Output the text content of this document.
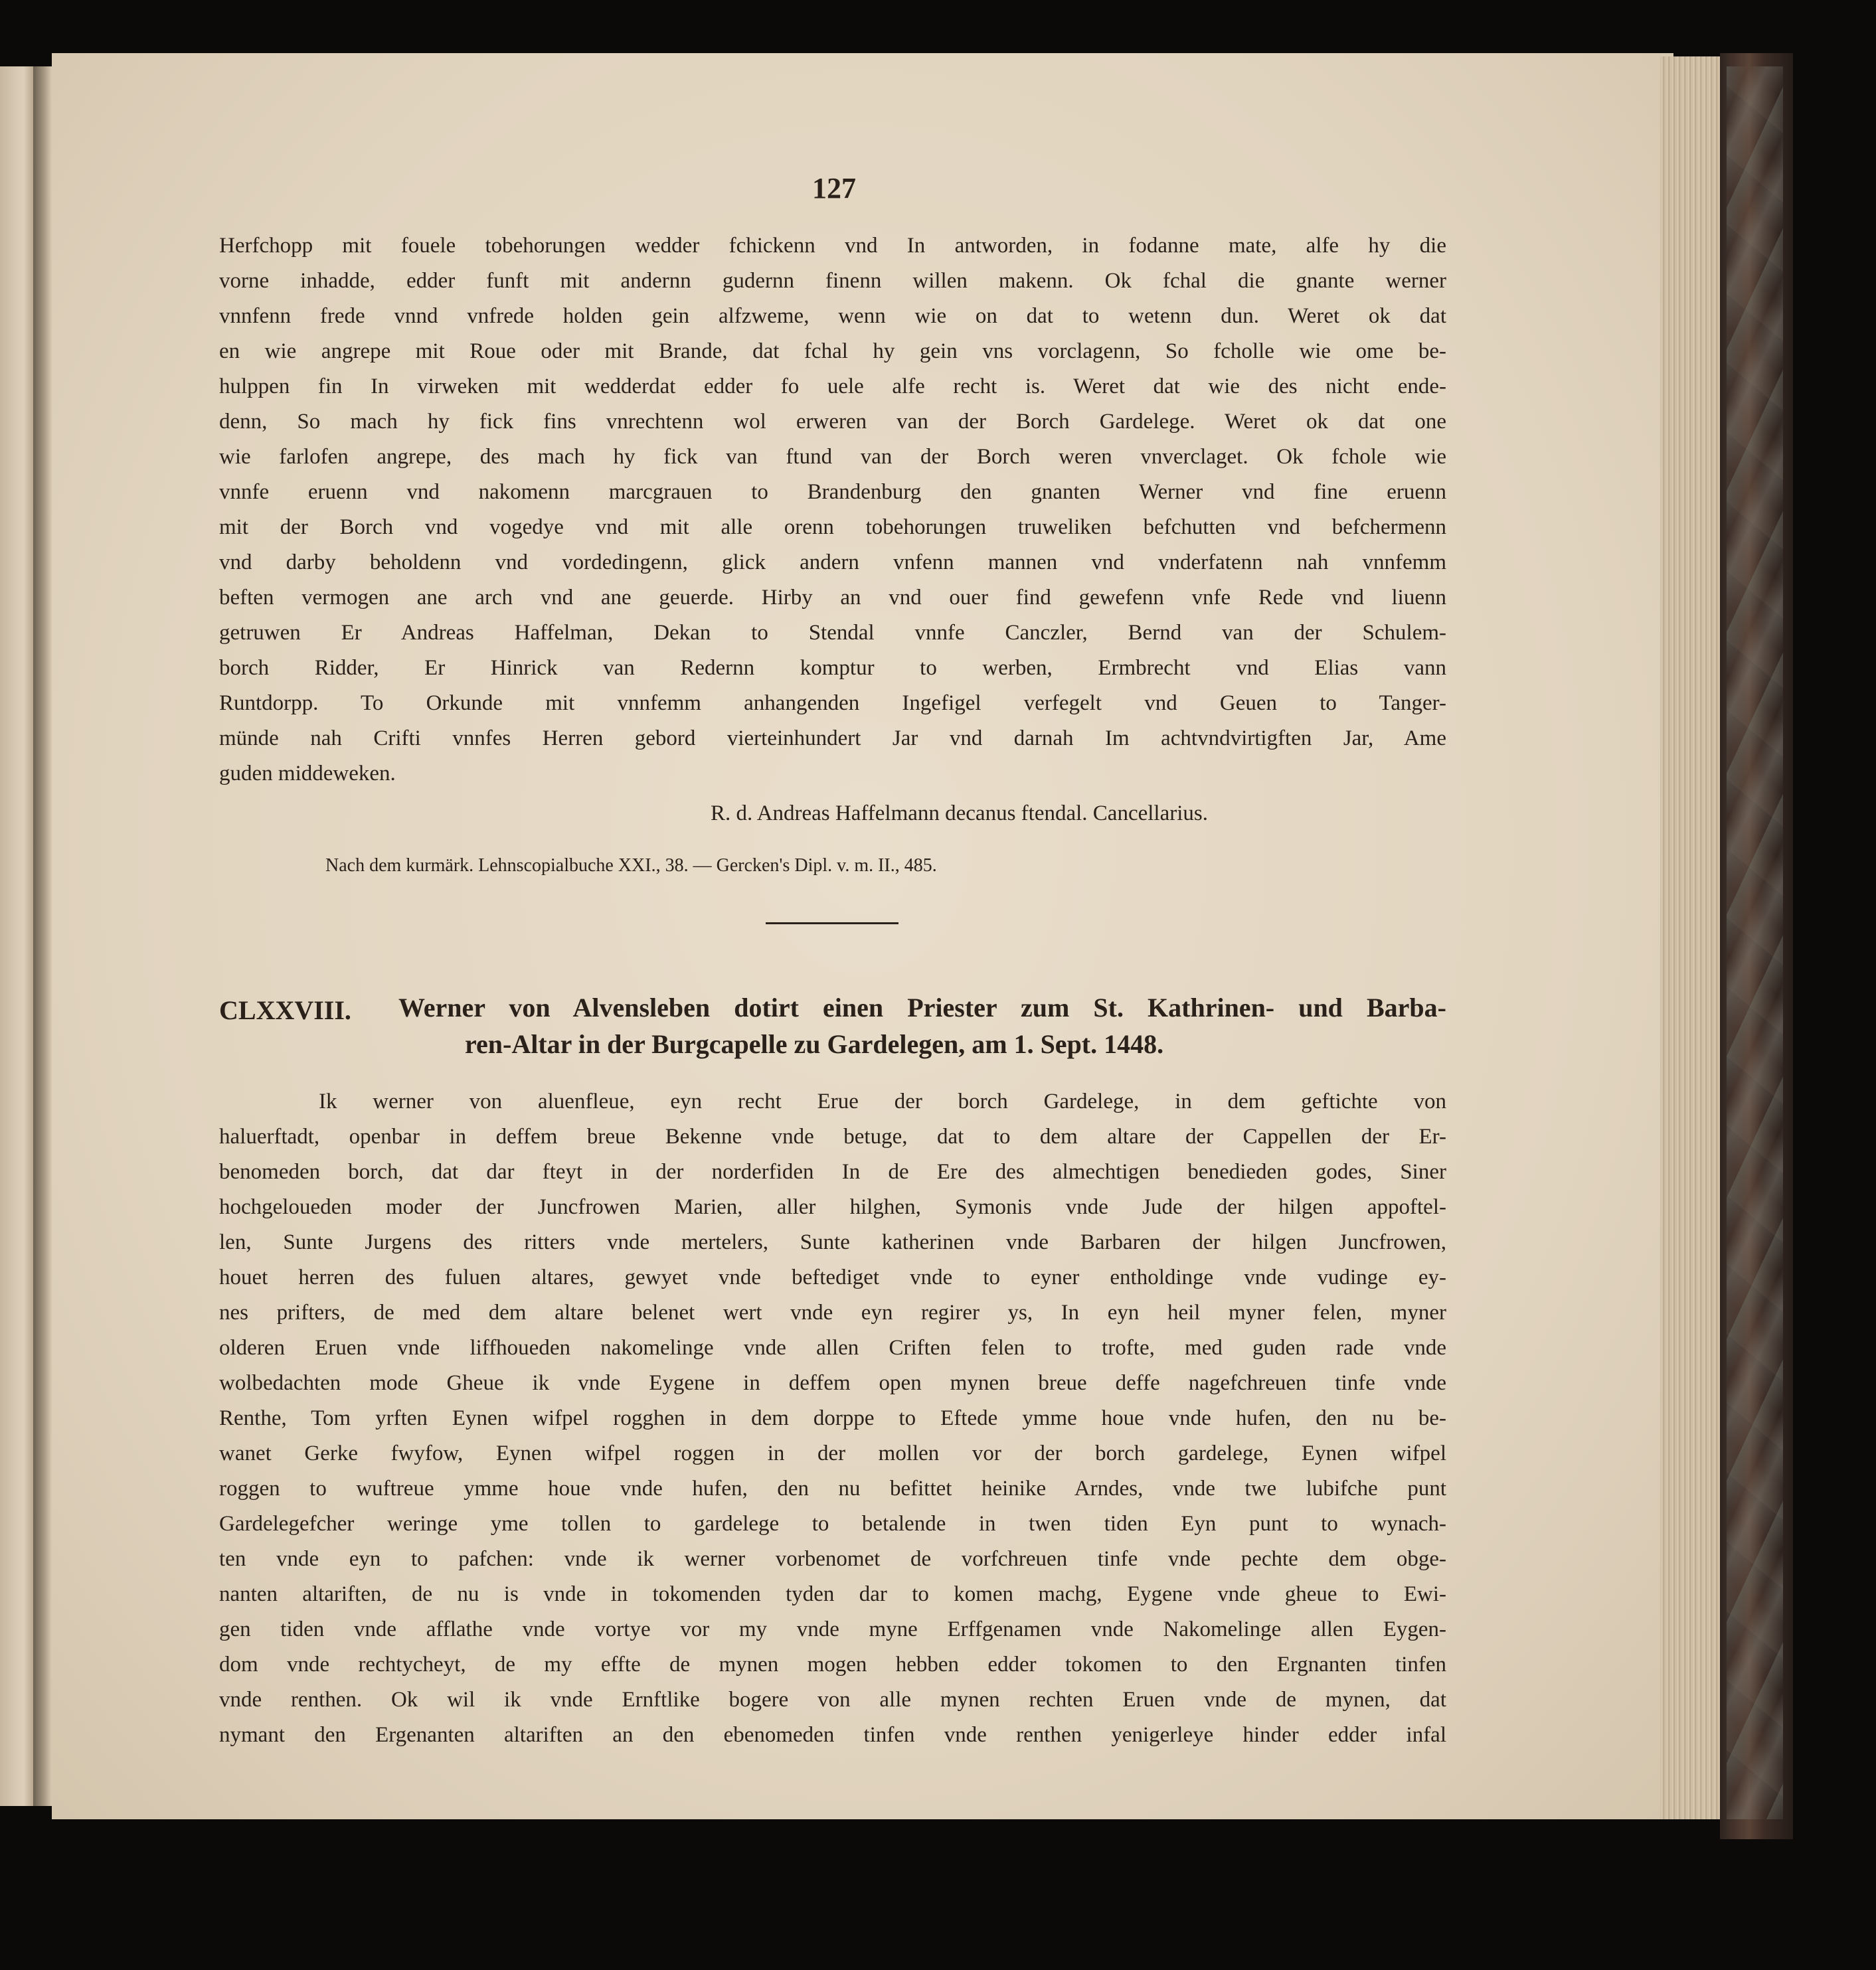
127
Herfchopp mit fouele tobehorungen wedder fchickenn vnd In antworden, in fodanne mate, alfe hy die
vorne inhadde, edder funft mit andernn gudernn finenn willen makenn. Ok fchal die gnante werner
vnnfenn frede vnnd vnfrede holden gein alfzweme, wenn wie on dat to wetenn dun. Weret ok dat
en wie angrepe mit Roue oder mit Brande, dat fchal hy gein vns vorclagenn, So fcholle wie ome be-
hulppen fin In virweken mit wedderdat edder fo uele alfe recht is. Weret dat wie des nicht ende-
denn, So mach hy fick fins vnrechtenn wol erweren van der Borch Gardelege. Weret ok dat one
wie farlofen angrepe, des mach hy fick van ftund van der Borch weren vnverclaget. Ok fchole wie
vnnfe eruenn vnd nakomenn marcgrauen to Brandenburg den gnanten Werner vnd fine eruenn
mit der Borch vnd vogedye vnd mit alle orenn tobehorungen truweliken befchutten vnd befchermenn
vnd darby beholdenn vnd vordedingenn, glick andern vnfenn mannen vnd vnderfatenn nah vnnfemm
beften vermogen ane arch vnd ane geuerde. Hirby an vnd ouer find gewefenn vnfe Rede vnd liuenn
getruwen Er Andreas Haffelman, Dekan to Stendal vnnfe Canczler, Bernd van der Schulem-
borch Ridder, Er Hinrick van Redernn komptur to werben, Ermbrecht vnd Elias vann
Runtdorpp. To Orkunde mit vnnfemm anhangenden Ingefigel verfegelt vnd Geuen to Tanger-
münde nah Crifti vnnfes Herren gebord vierteinhundert Jar vnd darnah Im achtvndvirtigften Jar, Ame
guden middeweken.
R. d. Andreas Haffelmann decanus ftendal. Cancellarius.
Nach dem kurmärk. Lehnscopialbuche XXI., 38. — Gercken's Dipl. v. m. II., 485.
CLXXVIII. Werner von Alvensleben dotirt einen Priester zum St. Kathrinen- und Barba-
ren-Altar in der Burgcapelle zu Gardelegen, am 1. Sept. 1448.
Ik werner von aluenfleue, eyn recht Erue der borch Gardelege, in dem geftichte von
haluerftadt, openbar in deffem breue Bekenne vnde betuge, dat to dem altare der Cappellen der Er-
benomeden borch, dat dar fteyt in der norderfiden In de Ere des almechtigen benedieden godes, Siner
hochgeloueden moder der Juncfrowen Marien, aller hilghen, Symonis vnde Jude der hilgen appoftel-
len, Sunte Jurgens des ritters vnde mertelers, Sunte katherinen vnde Barbaren der hilgen Juncfrowen,
houet herren des fuluen altares, gewyet vnde beftediget vnde to eyner entholdinge vnde vudinge ey-
nes prifters, de med dem altare belenet wert vnde eyn regirer ys, In eyn heil myner felen, myner
olderen Eruen vnde liffhoueden nakomelinge vnde allen Criften felen to trofte, med guden rade vnde
wolbedachten mode Gheue ik vnde Eygene in deffem open mynen breue deffe nagefchreuen tinfe vnde
Renthe, Tom yrften Eynen wifpel rogghen in dem dorppe to Eftede ymme houe vnde hufen, den nu be-
wanet Gerke fwyfow, Eynen wifpel roggen in der mollen vor der borch gardelege, Eynen wifpel
roggen to wuftreue ymme houe vnde hufen, den nu befittet heinike Arndes, vnde twe lubifche punt
Gardelegefcher weringe yme tollen to gardelege to betalende in twen tiden Eyn punt to wynach-
ten vnde eyn to pafchen: vnde ik werner vorbenomet de vorfchreuen tinfe vnde pechte dem obge-
nanten altariften, de nu is vnde in tokomenden tyden dar to komen machg, Eygene vnde gheue to Ewi-
gen tiden vnde afflathe vnde vortye vor my vnde myne Erffgenamen vnde Nakomelinge allen Eygen-
dom vnde rechtycheyt, de my effte de mynen mogen hebben edder tokomen to den Ergnanten tinfen
vnde renthen. Ok wil ik vnde Ernftlike bogere von alle mynen rechten Eruen vnde de mynen, dat
nymant den Ergenanten altariften an den ebenomeden tinfen vnde renthen yenigerleye hinder edder infal
